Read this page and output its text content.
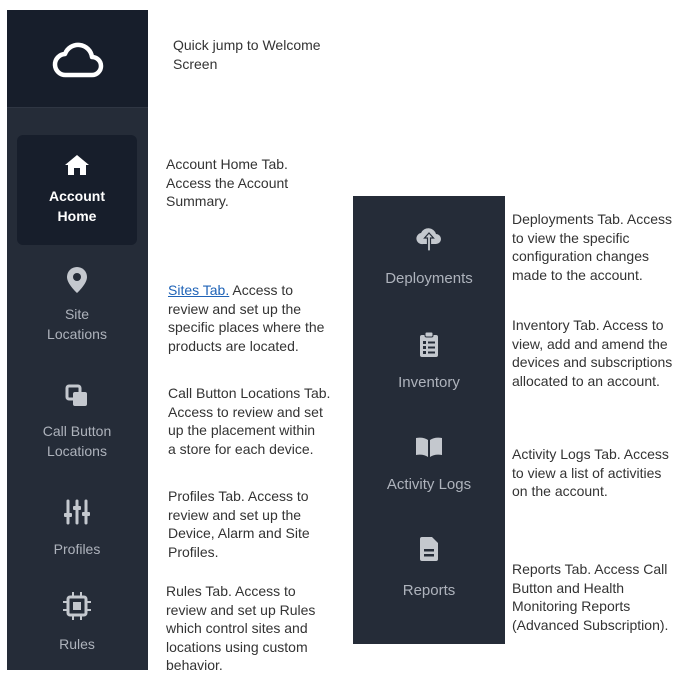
Account
Home
Site
Locations
Call Button
Locations
Profiles
Rules
Deployments
Inventory
Activity Logs
Reports
Quick jump to Welcome
Screen
Account Home Tab.
Access the Account
Summary.
Sites Tab. Access to
review and set up the
specific places where the
products are located.
Call Button Locations Tab.
Access to review and set
up the placement within
a store for each device.
Profiles Tab. Access to
review and set up the
Device, Alarm and Site
Profiles.
Rules Tab. Access to
review and set up Rules
which control sites and
locations using custom
behavior.
Deployments Tab. Access
to view the specific
configuration changes
made to the account.
Inventory Tab. Access to
view, add and amend the
devices and subscriptions
allocated to an account.
Activity Logs Tab. Access
to view a list of activities
on the account.
Reports Tab. Access Call
Button and Health
Monitoring Reports
(Advanced Subscription).
